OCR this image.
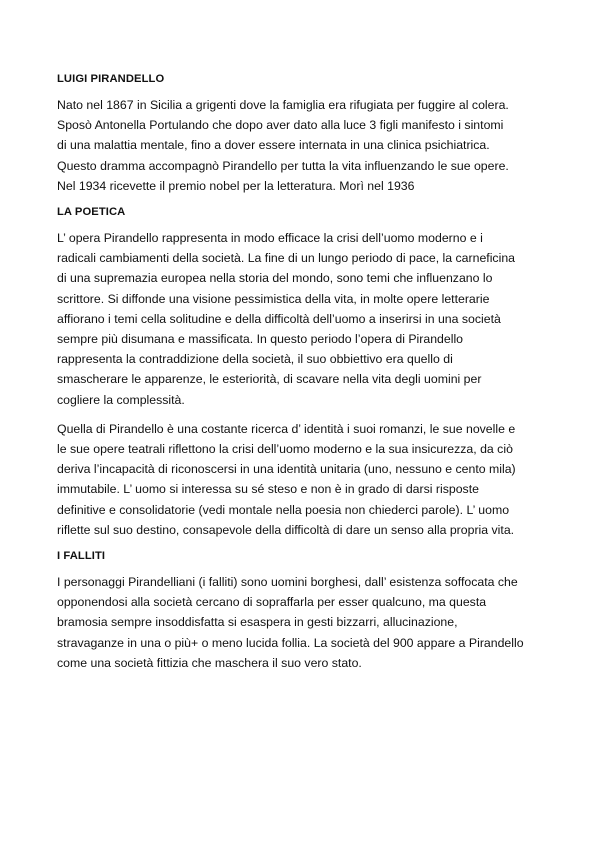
LUIGI PIRANDELLO
Nato nel 1867 in Sicilia a grigenti dove la famiglia era rifugiata per fuggire al colera.
Sposò Antonella Portulando che dopo aver dato alla luce 3 figli manifesto i sintomi
di una malattia mentale, fino a dover essere internata in una clinica psichiatrica.
Questo dramma accompagnò Pirandello per tutta la vita influenzando le sue opere.
Nel 1934 ricevette il premio nobel per la letteratura. Morì nel 1936
LA POETICA
L’ opera Pirandello rappresenta in modo efficace la crisi dell’uomo moderno e i
radicali cambiamenti della società. La fine di un lungo periodo di pace, la carneficina
di una supremazia europea nella storia del mondo, sono temi che influenzano lo
scrittore. Si diffonde una visione pessimistica della vita, in molte opere letterarie
affiorano i temi cella solitudine e della difficoltà dell’uomo a inserirsi in una società
sempre più disumana e massificata. In questo periodo l’opera di Pirandello
rappresenta la contraddizione della società, il suo obbiettivo era quello di
smascherare le apparenze, le esteriorità, di scavare nella vita degli uomini per
cogliere la complessità.
Quella di Pirandello è una costante ricerca d’ identità i suoi romanzi, le sue novelle e
le sue opere teatrali riflettono la crisi dell’uomo moderno e la sua insicurezza, da ciò
deriva l’incapacità di riconoscersi in una identità unitaria (uno, nessuno e cento mila)
immutabile. L’ uomo si interessa su sé steso e non è in grado di darsi risposte
definitive e consolidatorie (vedi montale nella poesia non chiederci parole). L’ uomo
riflette sul suo destino, consapevole della difficoltà di dare un senso alla propria vita.
I FALLITI
I personaggi Pirandelliani (i falliti) sono uomini borghesi, dall’ esistenza soffocata che
opponendosi alla società cercano di sopraffarla per esser qualcuno, ma questa
bramosia sempre insoddisfatta si esaspera in gesti bizzarri, allucinazione,
stravaganze in una o più+ o meno lucida follia. La società del 900 appare a Pirandello
come una società fittizia che maschera il suo vero stato.
